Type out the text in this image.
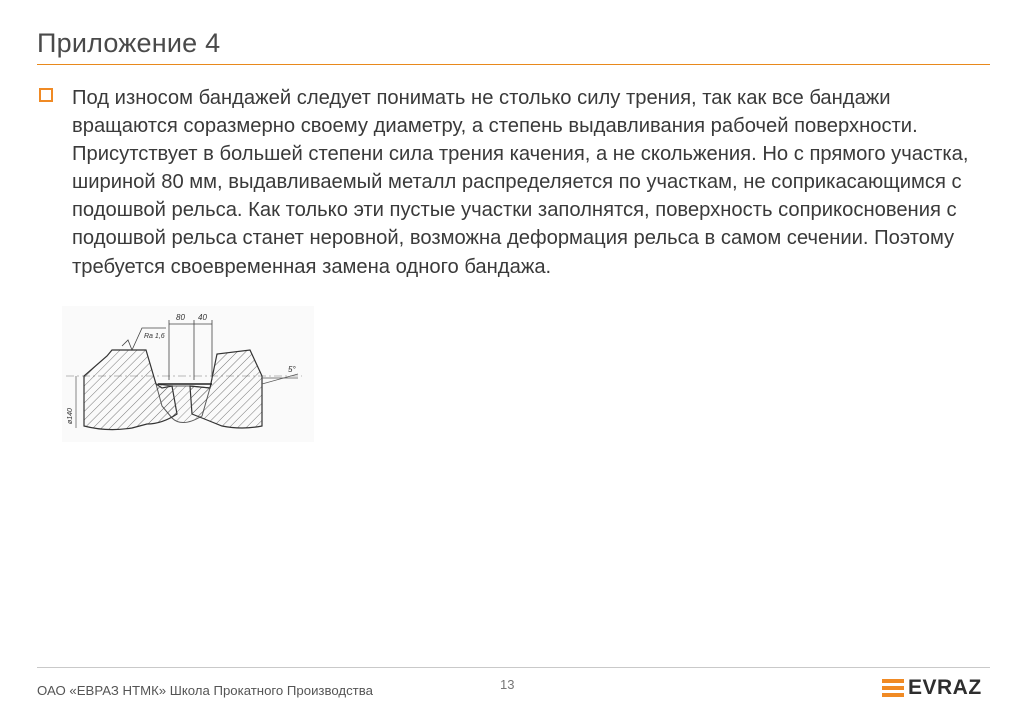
Приложение 4

Под износом бандажей следует понимать не столько силу трения, так как все бандажи вращаются соразмерно своему диаметру, а степень выдавливания рабочей поверхности. Присутствует в большей степени сила трения качения, а не скольжения. Но с прямого участка, шириной 80 мм, выдавливаемый металл распределяется по участкам, не соприкасающимся с подошвой рельса. Как только эти пустые участки заполнятся, поверхность соприкосновения с подошвой рельса станет неровной, возможна деформация рельса в самом сечении. Поэтому требуется своевременная замена одного бандажа.

80 40
Ra 1,6
5°
ø140
ОАО «ЕВРАЗ НТМК» Школа Прокатного Производства	13	EVRAZ
